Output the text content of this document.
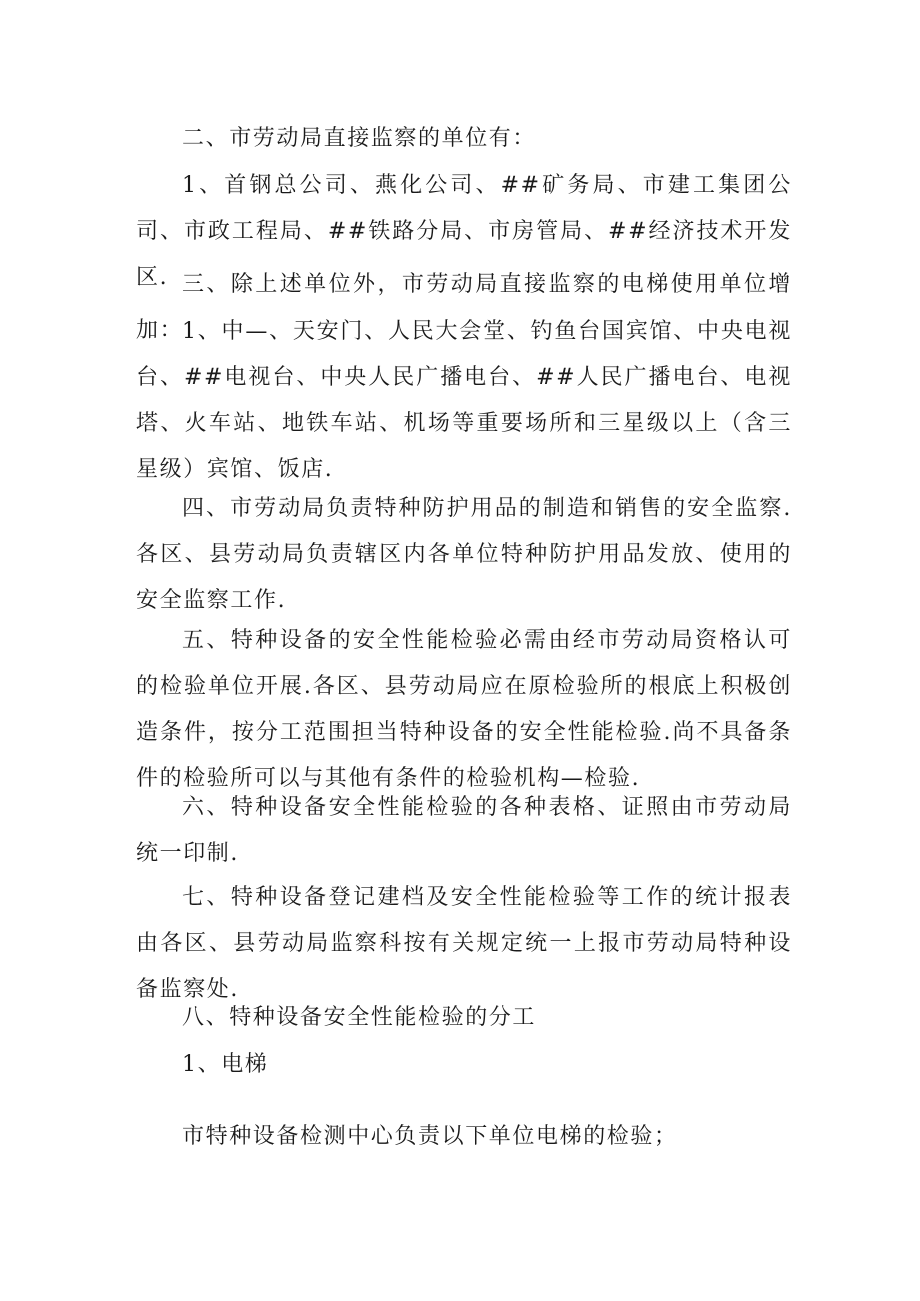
二、市劳动局直接监察的单位有：

1、首钢总公司、燕化公司、##矿务局、市建工集团公司、市政工程局、##铁路分局、市房管局、##经济技术开发区. 三、除上述单位外，市劳动局直接监察的电梯使用单位增加：

1、中—、天安门、人民大会堂、钓鱼台国宾馆、中央电视台、##电视台、中央人民广播电台、##人民广播电台、电视塔、火车站、地铁车站、机场等重要场所和三星级以上（含三星级）宾馆、饭店.

四、市劳动局负责特种防护用品的制造和销售的安全监察.各区、县劳动局负责辖区内各单位特种防护用品发放、使用的安全监察工作.

五、特种设备的安全性能检验必需由经市劳动局资格认可的检验单位开展.各区、县劳动局应在原检验所的根底上积极创造条件，按分工范围担当特种设备的安全性能检验.尚不具备条件的检验所可以与其他有条件的检验机构—检验.

六、特种设备安全性能检验的各种表格、证照由市劳动局统一印制.

七、特种设备登记建档及安全性能检验等工作的统计报表由各区、县劳动局监察科按有关规定统一上报市劳动局特种设备监察处.

八、特种设备安全性能检验的分工

1、电梯

市特种设备检测中心负责以下单位电梯的检验；
